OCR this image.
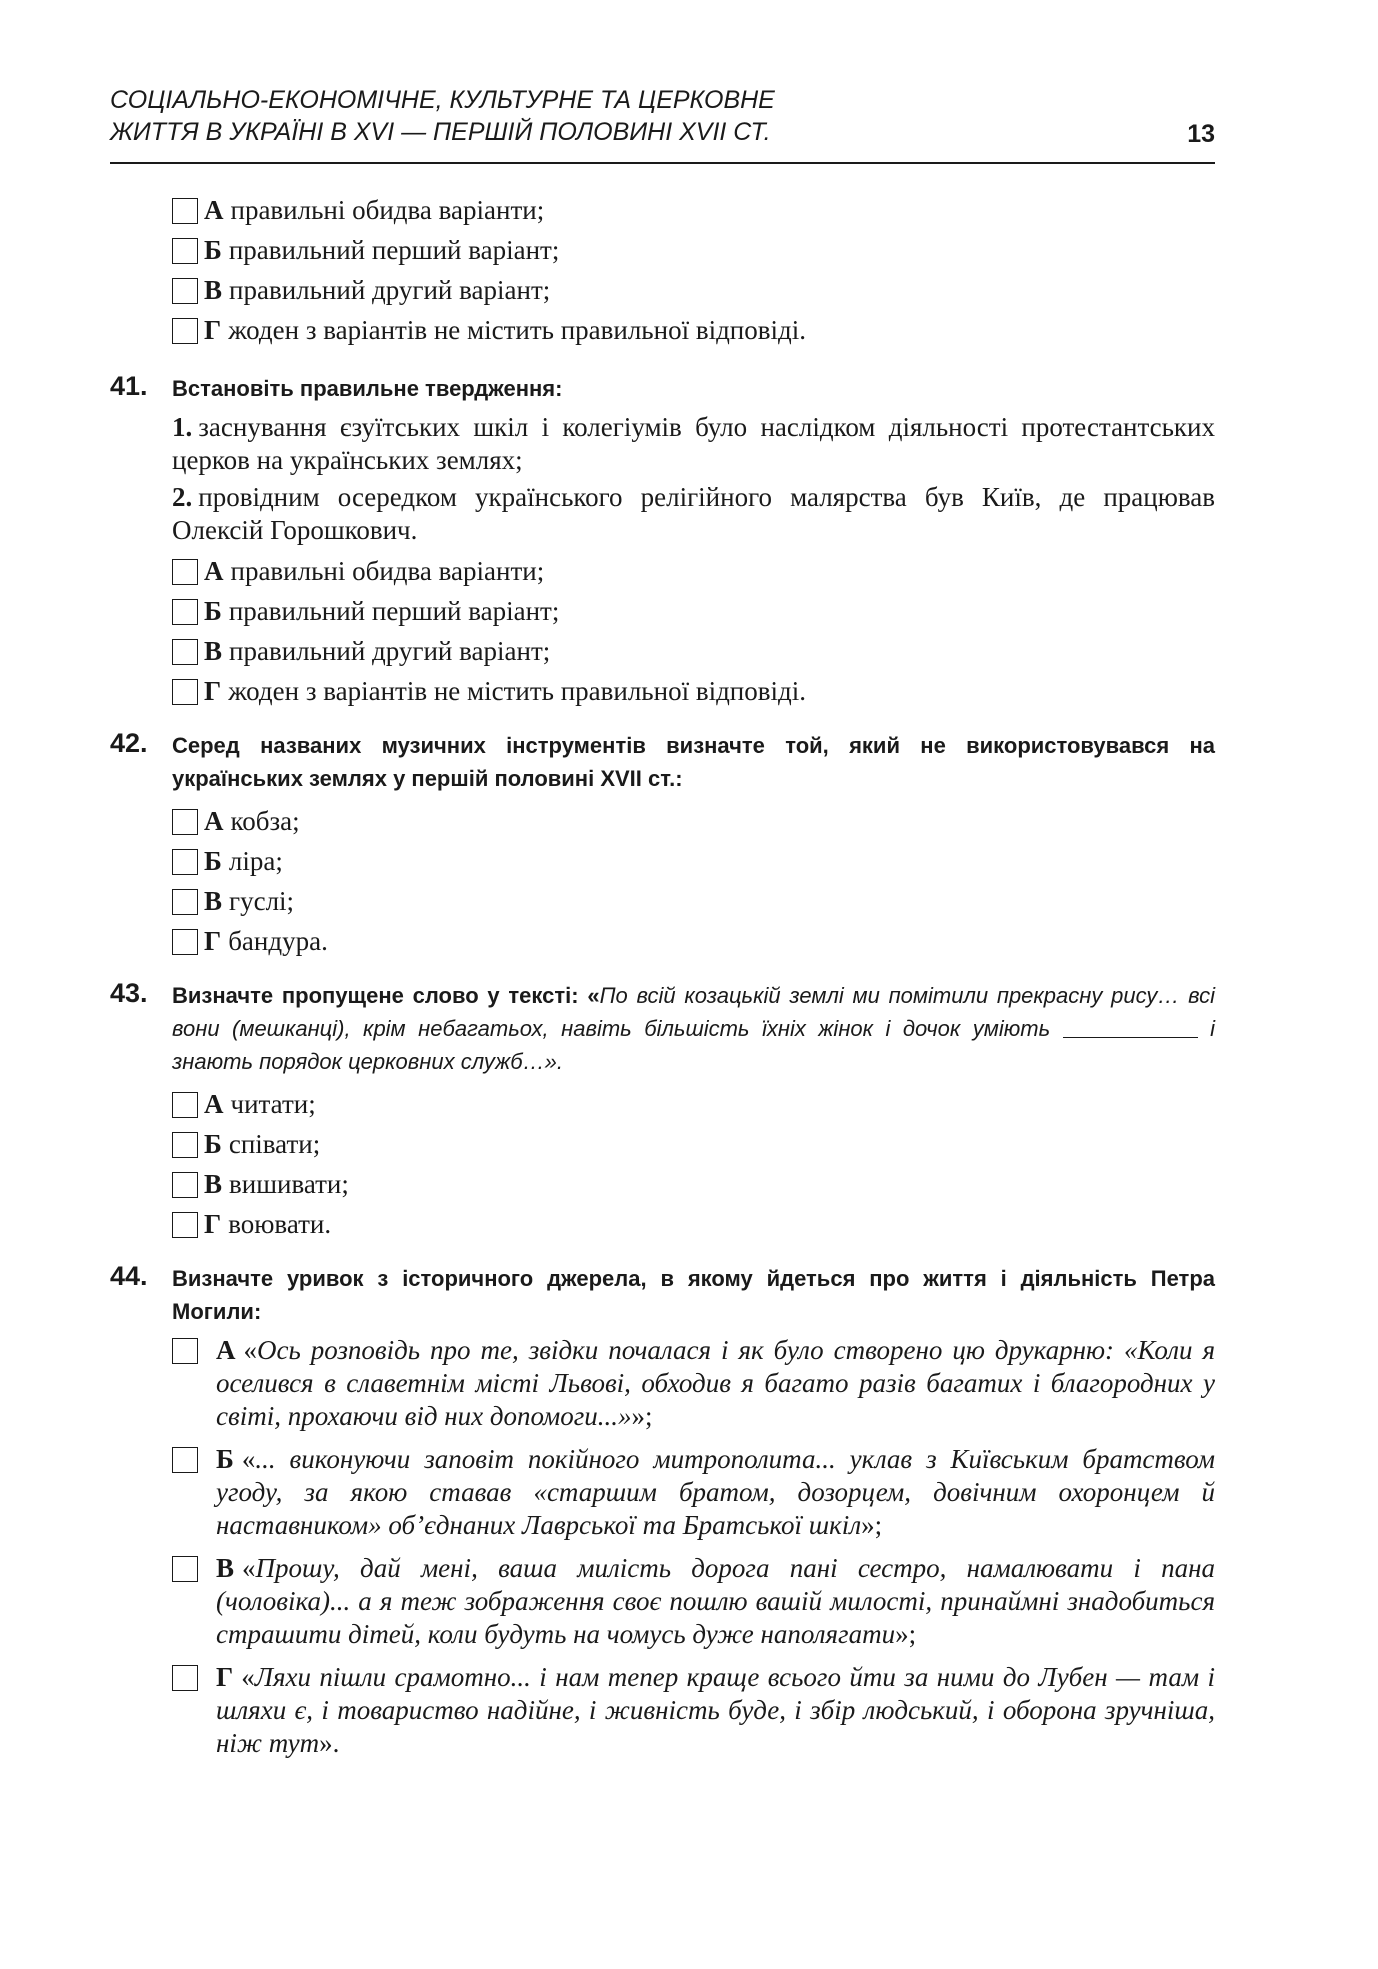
СОЦІАЛЬНО-ЕКОНОМІЧНЕ, КУЛЬТУРНЕ ТА ЦЕРКОВНЕ
ЖИТТЯ В УКРАЇНІ В XVI — ПЕРШІЙ ПОЛОВИНІ XVII СТ.	13
А правильні обидва варіанти;
Б правильний перший варіант;
В правильний другий варіант;
Г жоден з варіантів не містить правильної відповіді.
41. Встановіть правильне твердження:
1. заснування єзуїтських шкіл і колегіумів було наслідком діяльності протестантських церков на українських землях;
2. провідним осередком українського релігійного малярства був Київ, де працював Олексій Горошкович.
А правильні обидва варіанти;
Б правильний перший варіант;
В правильний другий варіант;
Г жоден з варіантів не містить правильної відповіді.
42. Серед названих музичних інструментів визначте той, який не використовувався на українських землях у першій половині XVII ст.:
А кобза;
Б ліра;
В гуслі;
Г бандура.
43. Визначте пропущене слово у тексті: «По всій козацькій землі ми помітили прекрасну рису… всі вони (мешканці), крім небагатьох, навіть більшість їхніх жінок і дочок уміють	і знають порядок церковних служб…».
А читати;
Б співати;
В вишивати;
Г воювати.
44. Визначте уривок з історичного джерела, в якому йдеться про життя і діяльність Петра Могили:
А «Ось розповідь про те, звідки почалася і як було створено цю друкарню: «Коли я оселився в славетнім місті Львові, обходив я багато разів багатих і благородних у світі, прохаючи від них допомоги...»»;
Б «... виконуючи заповіт покійного митрополита... уклав з Київським братством угоду, за якою ставав «старшим братом, дозорцем, довічним охоронцем й наставником» об’єднаних Лаврської та Братської шкіл»;
В «Прошу, дай мені, ваша милість дорога пані сестро, намалювати і пана (чоловіка)... а я теж зображення своє пошлю вашій милості, принаймні знадобиться страшити дітей, коли будуть на чомусь дуже наполягати»;
Г «Ляхи пішли срамотно... і нам тепер краще всього йти за ними до Лубен — там і шляхи є, і товариство надійне, і живність буде, і збір людський, і оборона зручніша, ніж тут».
